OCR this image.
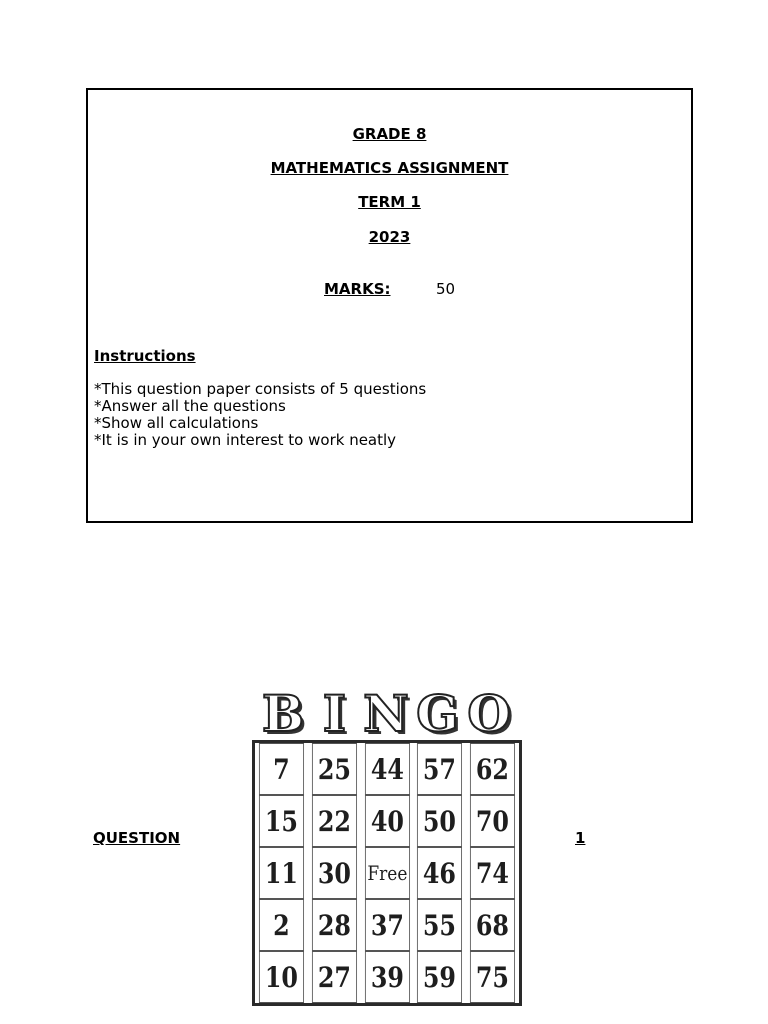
GRADE 8
MATHEMATICS ASSIGNMENT
TERM 1
2023
MARKS:	50
Instructions
*This question paper consists of 5 questions
*Answer all the questions
*Show all calculations
*It is in your own interest to work neatly
B I N G O
7 25 44 57 62
15 22 40 50 70
11 30 Free 46 74
2 28 37 55 68
10 27 39 59 75
QUESTION	1
